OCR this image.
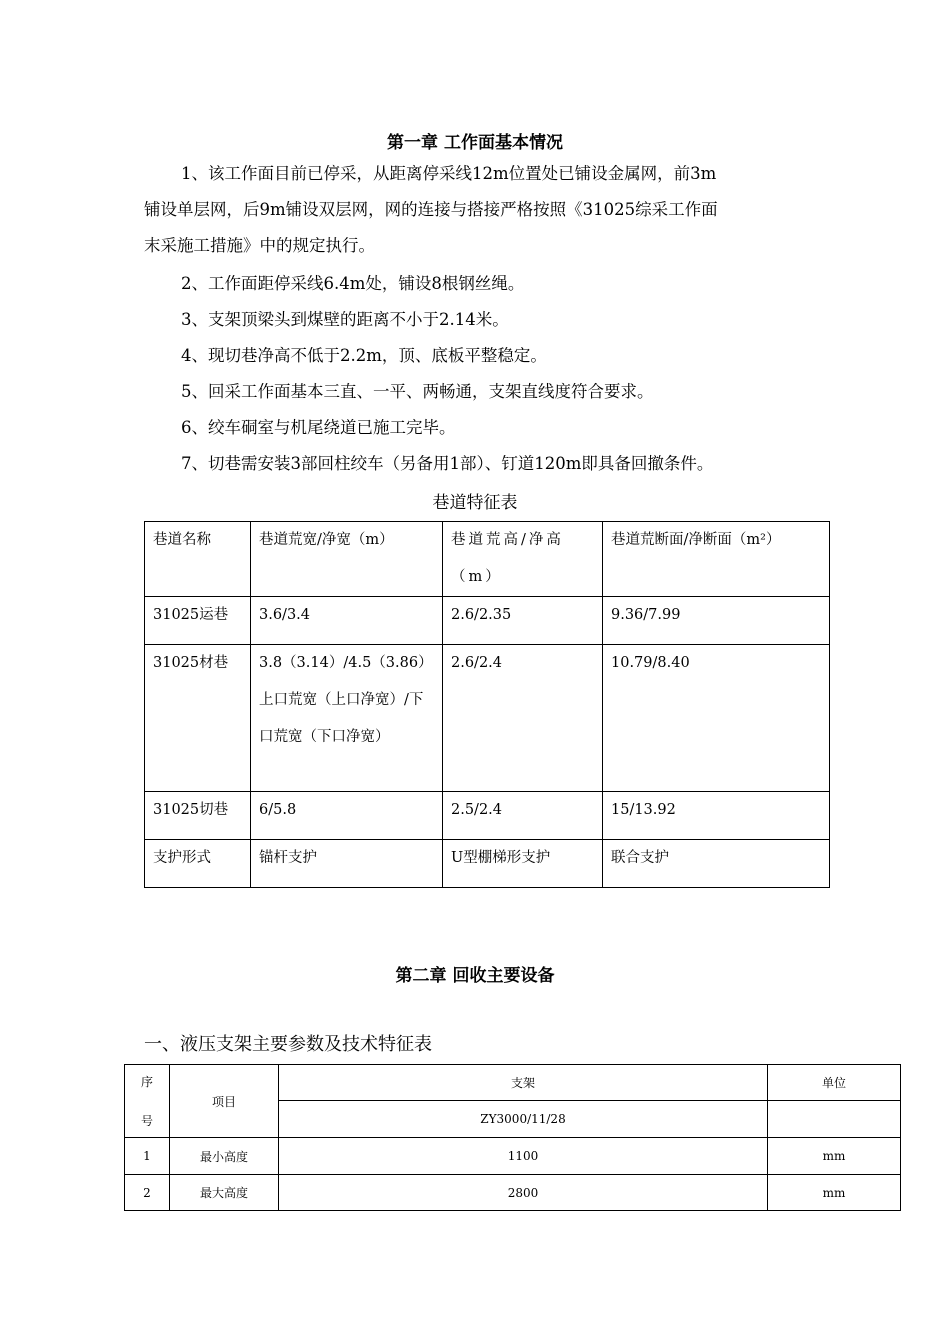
第一章 工作面基本情况
1、该工作面目前已停采，从距离停采线12m位置处已铺设金属网，前3m
铺设单层网，后9m铺设双层网，网的连接与搭接严格按照《31025综采工作面
末采施工措施》中的规定执行。
2、工作面距停采线6.4m处，铺设8根钢丝绳。
3、支架顶梁头到煤壁的距离不小于2.14米。
4、现切巷净高不低于2.2m，顶、底板平整稳定。
5、回采工作面基本三直、一平、两畅通，支架直线度符合要求。
6、绞车硐室与机尾绕道已施工完毕。
7、切巷需安装3部回柱绞车（另备用1部）、钉道120m即具备回撤条件。
巷道特征表
巷道名称	巷道荒宽/净宽（m）	巷道荒高/净高（m）	巷道荒断面/净断面（m²）
31025运巷	3.6/3.4	2.6/2.35	9.36/7.99
31025材巷	3.8（3.14）/4.5（3.86）上口荒宽（上口净宽）/下口荒宽（下口净宽）	2.6/2.4	10.79/8.40
31025切巷	6/5.8	2.5/2.4	15/13.92
支护形式	锚杆支护	U型棚梯形支护	联合支护
第二章 回收主要设备
一、液压支架主要参数及技术特征表
序
号	项目	支架	单位
		ZY3000/11/28	
1	最小高度	1100	mm
2	最大高度	2800	mm
